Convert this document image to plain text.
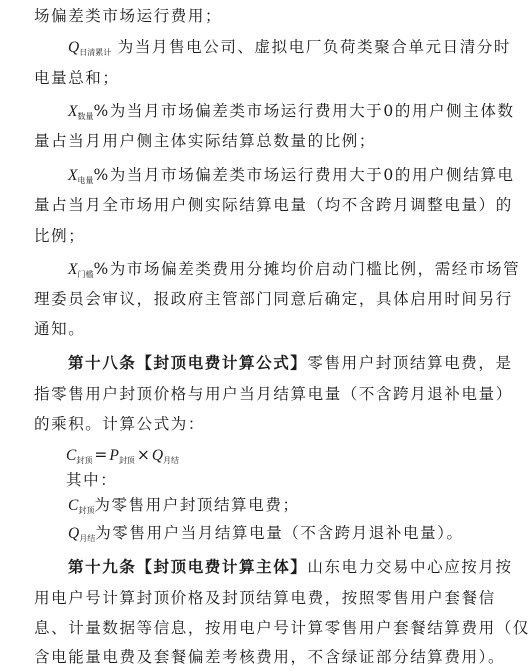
场偏差类市场运行费用；
$Q_{日清累计}$ 为当月售电公司、虚拟电厂负荷类聚合单元日清分时
电量总和；
$X_{数量}\%$为当月市场偏差类市场运行费用大于0的用户侧主体数
量占当月用户侧主体实际结算总数量的比例；
$X_{电量}\%$为当月市场偏差类市场运行费用大于0的用户侧结算电
量占当月全市场用户侧实际结算电量（均不含跨月调整电量）的
比例；
$X_{门槛}\%$为市场偏差类费用分摊均价启动门槛比例，需经市场管
理委员会审议，报政府主管部门同意后确定，具体启用时间另行
通知。
第十八条【封顶电费计算公式】零售用户封顶结算电费，是
指零售用户封顶价格与用户当月结算电量（不含跨月退补电量）
的乘积。计算公式为：
$C_{封顶} = P_{封顶} \times Q_{月结}$
其中：
$C_{封顶}$为零售用户封顶结算电费；
$Q_{月结}$为零售用户当月结算电量（不含跨月退补电量）。
第十九条【封顶电费计算主体】山东电力交易中心应按月按
用电户号计算封顶价格及封顶结算电费，按照零售用户套餐信
息、计量数据等信息，按用电户号计算零售用户套餐结算费用（仅
含电能量电费及套餐偏差考核费用，不含绿证部分结算费用）。
